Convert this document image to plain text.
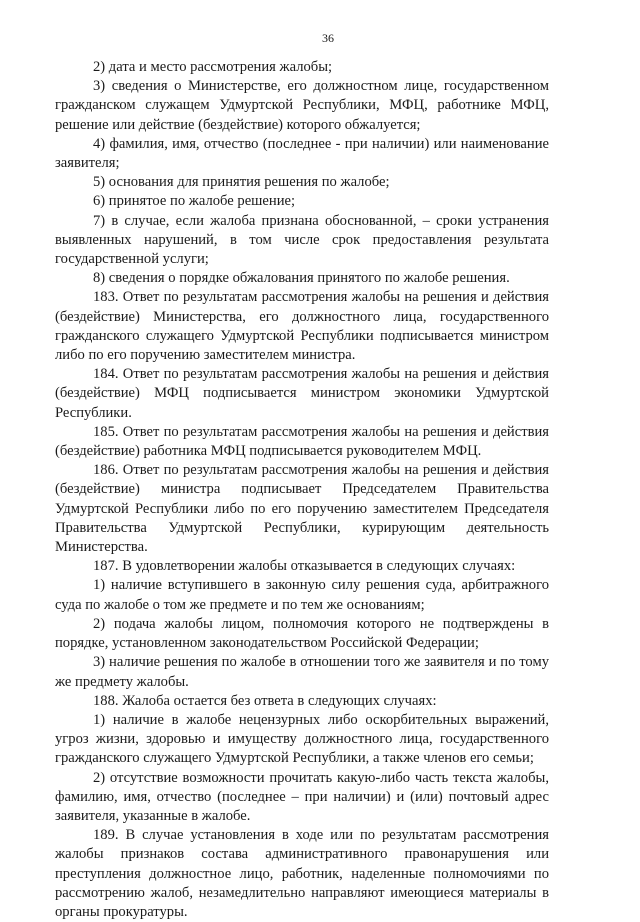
36

2) дата и место рассмотрения жалобы;

3) сведения о Министерстве, его должностном лице, государственном гражданском служащем Удмуртской Республики, МФЦ, работнике МФЦ, решение или действие (бездействие) которого обжалуется;

4) фамилия, имя, отчество (последнее - при наличии) или наименование заявителя;

5) основания для принятия решения по жалобе;

6) принятое по жалобе решение;

7) в случае, если жалоба признана обоснованной, – сроки устранения выявленных нарушений, в том числе срок предоставления результата государственной услуги;

8) сведения о порядке обжалования принятого по жалобе решения.

183. Ответ по результатам рассмотрения жалобы на решения и действия (бездействие) Министерства, его должностного лица, государственного гражданского служащего Удмуртской Республики подписывается министром либо по его поручению заместителем министра.

184. Ответ по результатам рассмотрения жалобы на решения и действия (бездействие) МФЦ подписывается министром экономики Удмуртской Республики.

185. Ответ по результатам рассмотрения жалобы на решения и действия (бездействие) работника МФЦ подписывается руководителем МФЦ.

186. Ответ по результатам рассмотрения жалобы на решения и действия (бездействие) министра подписывает Председателем Правительства Удмуртской Республики либо по его поручению заместителем Председателя Правительства Удмуртской Республики, курирующим деятельность Министерства.

187. В удовлетворении жалобы отказывается в следующих случаях:

1) наличие вступившего в законную силу решения суда, арбитражного суда по жалобе о том же предмете и по тем же основаниям;

2) подача жалобы лицом, полномочия которого не подтверждены в порядке, установленном законодательством Российской Федерации;

3) наличие решения по жалобе в отношении того же заявителя и по тому же предмету жалобы.

188. Жалоба остается без ответа в следующих случаях:

1) наличие в жалобе нецензурных либо оскорбительных выражений, угроз жизни, здоровью и имуществу должностного лица, государственного гражданского служащего Удмуртской Республики, а также членов его семьи;

2) отсутствие возможности прочитать какую-либо часть текста жалобы, фамилию, имя, отчество (последнее – при наличии) и (или) почтовый адрес заявителя, указанные в жалобе.

189. В случае установления в ходе или по результатам рассмотрения жалобы признаков состава административного правонарушения или преступления должностное лицо, работник, наделенные полномочиями по рассмотрению жалоб, незамедлительно направляют имеющиеся материалы в органы прокуратуры.
